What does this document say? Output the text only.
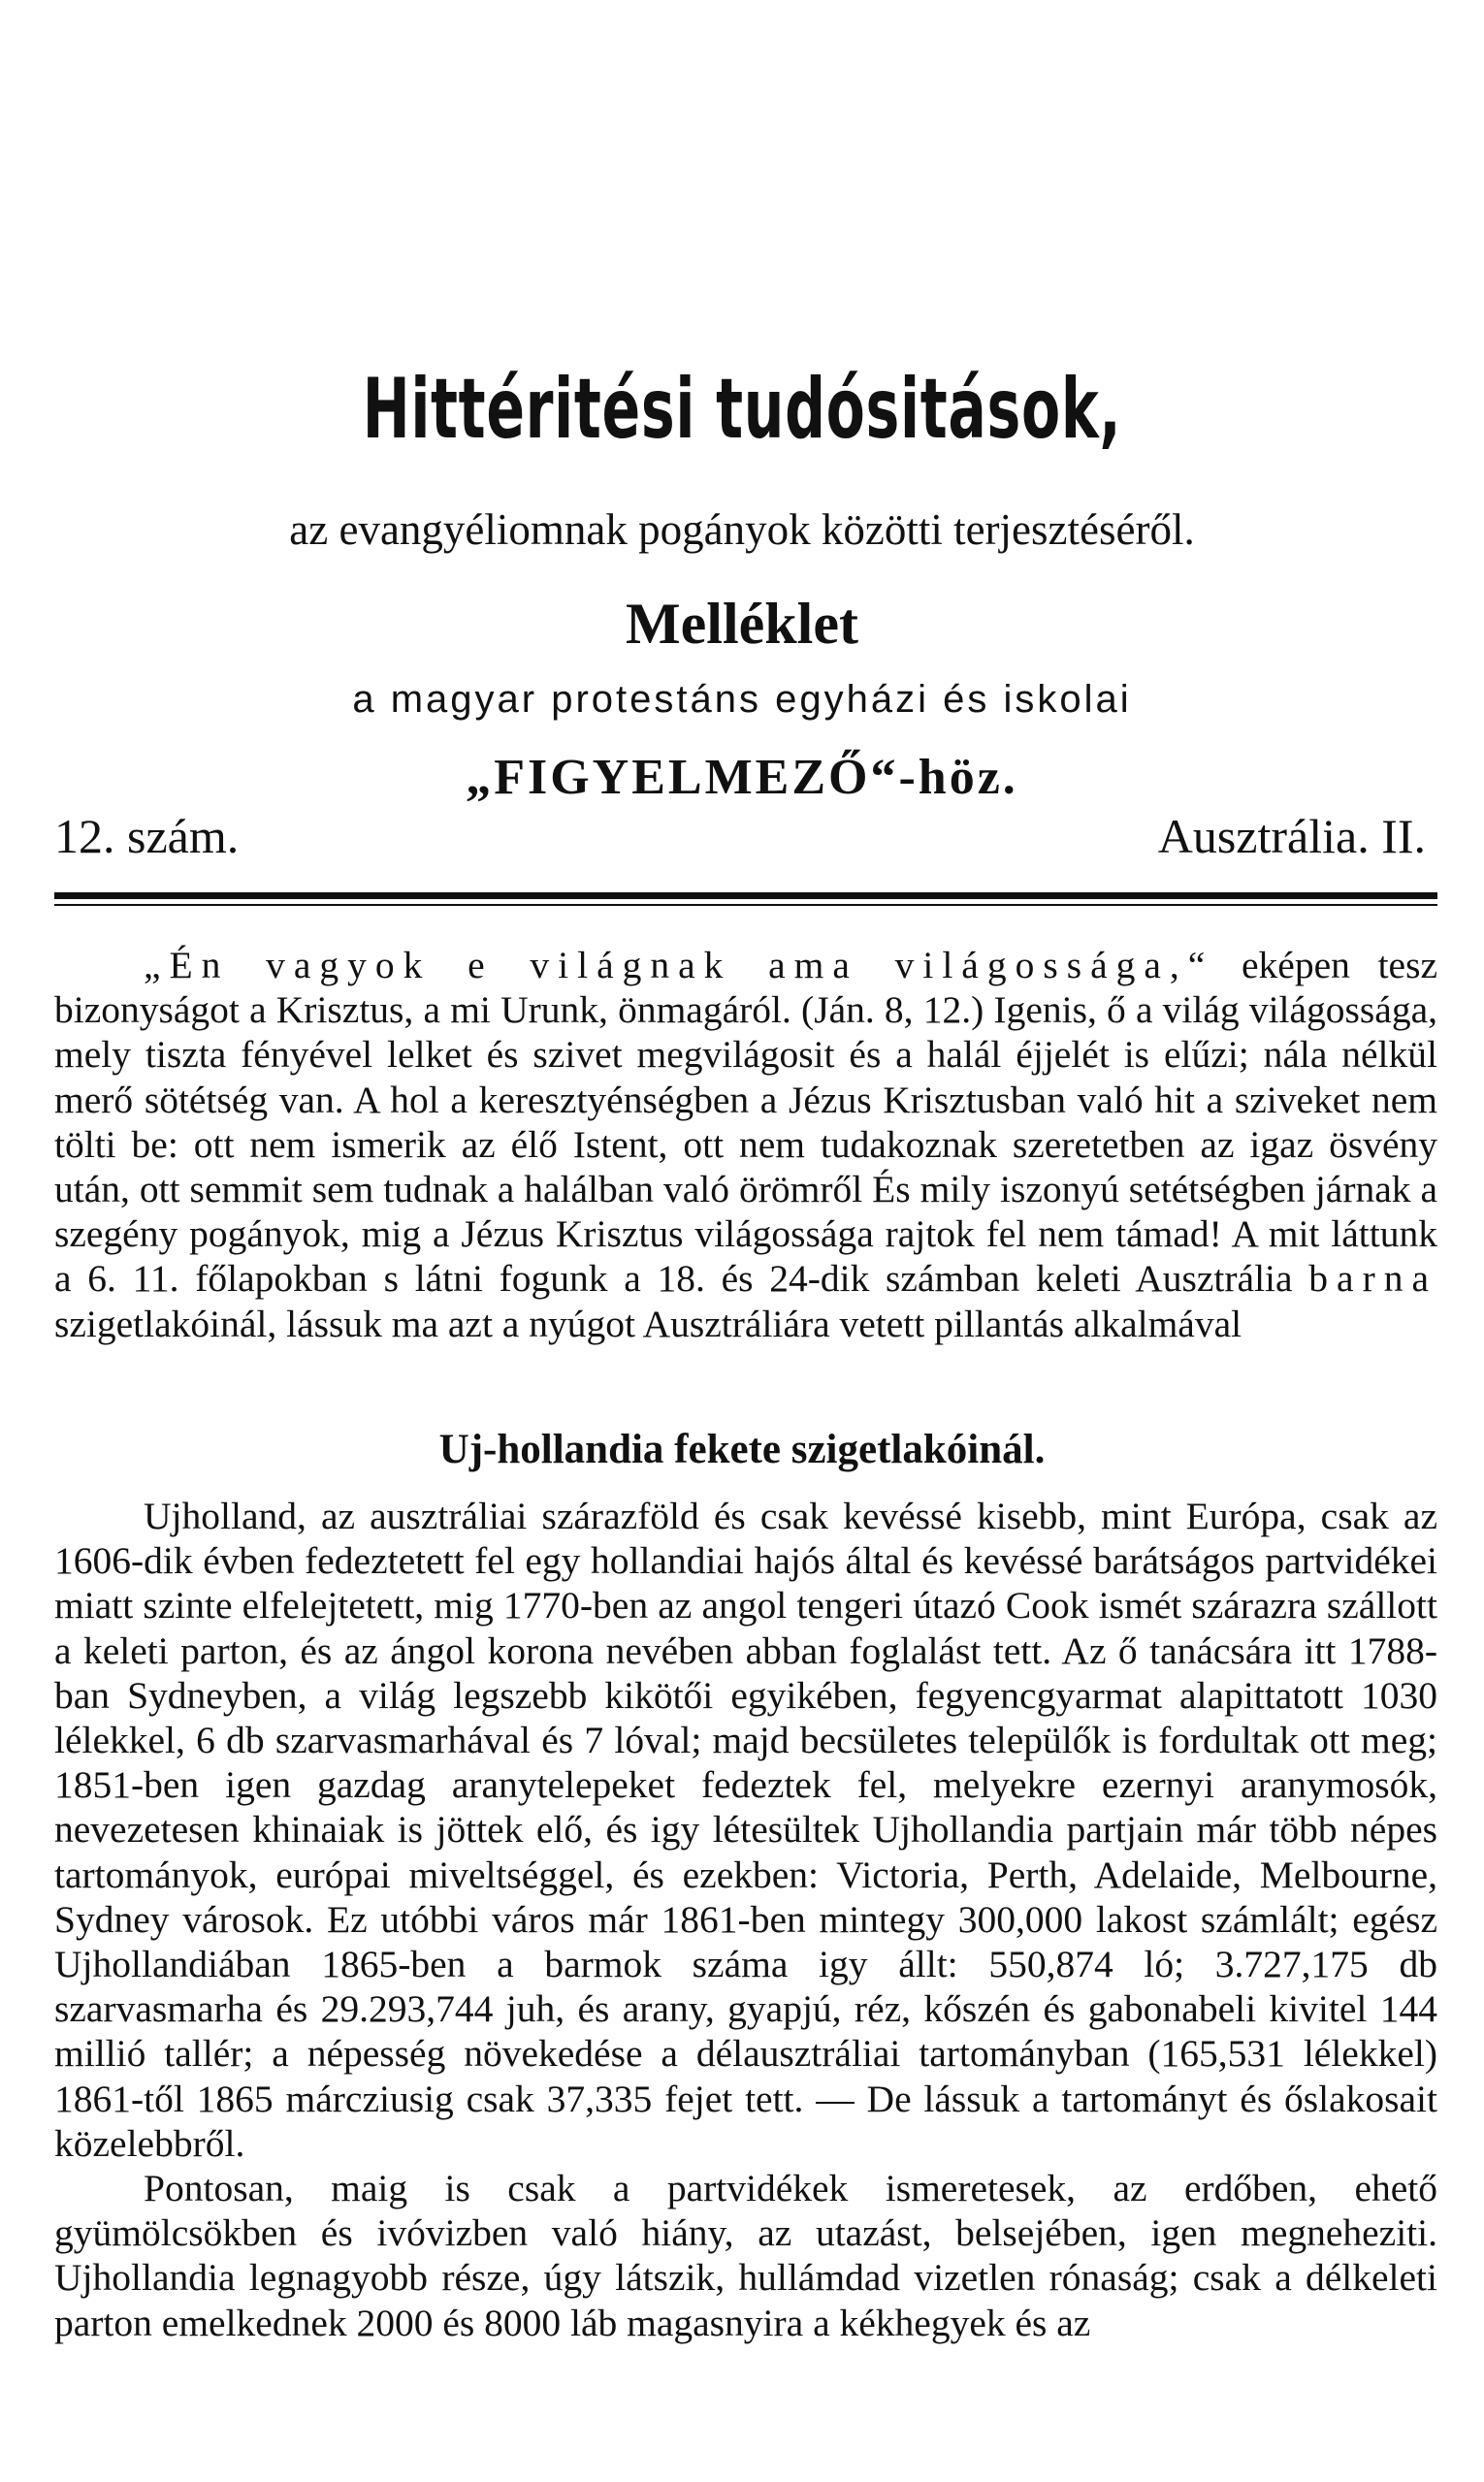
Hittéritési tudósitások,
az evangyéliomnak pogányok közötti terjesztéséről.
Melléklet
a magyar protestáns egyházi és iskolai
„FIGYELMEZŐ“-höz.
12. szám.	Ausztrália. II.

„Én vagyok e világnak ama világossága,“ eképen tesz bizonyságot a Krisztus, a mi Urunk, önmagáról. (Ján. 8, 12.) Igenis, ő a világ világossága, mely tiszta fényével lelket és szivet megvilágosit és a halál éjjelét is elűzi; nála nélkül merő sötétség van. A hol a keresztyénségben a Jézus Krisztusban való hit a sziveket nem tölti be: ott nem ismerik az élő Istent, ott nem tudakoznak szeretetben az igaz ösvény után, ott semmit sem tudnak a halálban való örömről És mily iszonyú setétségben járnak a szegény pogányok, mig a Jézus Krisztus világossága rajtok fel nem támad! A mit láttunk a 6. 11. főlapokban s látni fogunk a 18. és 24-dik számban keleti Ausztrália barna szigetlakóinál, lássuk ma azt a nyúgot Ausztráliára vetett pillantás alkalmával

Uj-hollandia fekete szigetlakóinál.

Ujholland, az ausztráliai szárazföld és csak kevéssé kisebb, mint Európa, csak az 1606-dik évben fedeztetett fel egy hollandiai hajós által és kevéssé barátságos partvidékei miatt szinte elfelejtetett, mig 1770-ben az angol tengeri útazó Cook ismét szárazra szállott a keleti parton, és az ángol korona nevében abban foglalást tett. Az ő tanácsára itt 1788-ban Sydneyben, a világ legszebb kikötői egyikében, fegyencgyarmat alapittatott 1030 lélekkel, 6 db szarvasmarhával és 7 lóval; majd becsületes települők is fordultak ott meg; 1851-ben igen gazdag aranytelepeket fedeztek fel, melyekre ezernyi aranymosók, nevezetesen khinaiak is jöttek elő, és igy létesültek Ujhollandia partjain már több népes tartományok, európai miveltséggel, és ezekben: Victoria, Perth, Adelaide, Melbourne, Sydney városok. Ez utóbbi város már 1861-ben mintegy 300,000 lakost számlált; egész Ujhollandiában 1865-ben a barmok száma igy állt: 550,874 ló; 3.727,175 db szarvasmarha és 29.293,744 juh, és arany, gyapjú, réz, kőszén és gabonabeli kivitel 144 millió tallér; a népesség növekedése a délausztráliai tartományban (165,531 lélekkel) 1861-től 1865 márcziusig csak 37,335 fejet tett. — De lássuk a tartományt és őslakosait közelebbről.

Pontosan, maig is csak a partvidékek ismeretesek, az erdőben, ehető gyümölcsökben és ivóvizben való hiány, az utazást, belsejében, igen megneheziti. Ujhollandia legnagyobb része, úgy látszik, hullámdad vizetlen rónaság; csak a délkeleti parton emelkednek 2000 és 8000 láb magasnyira a kékhegyek és az
